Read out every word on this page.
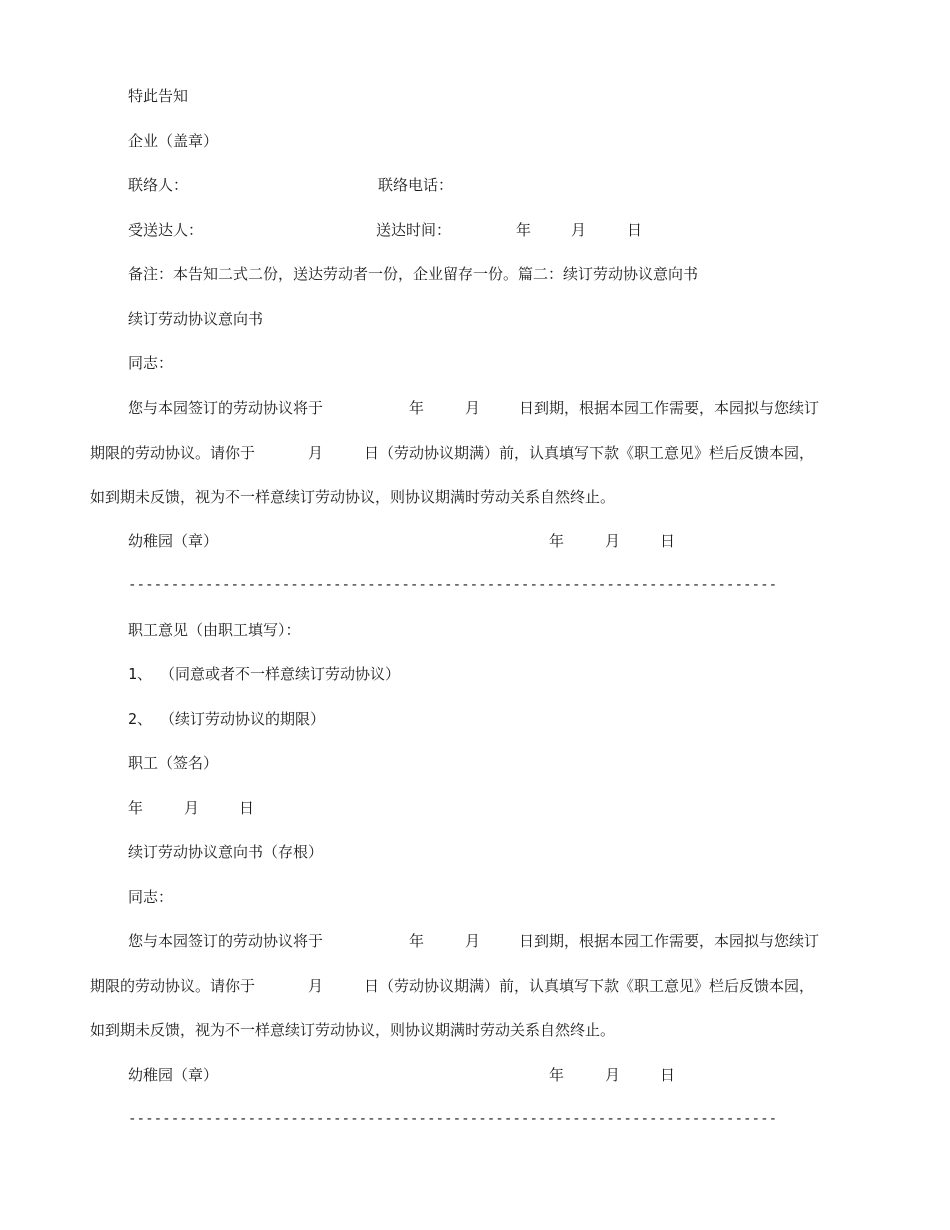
特此告知
企业（盖章）
联络人：	联络电话：
受送达人：	送达时间：	年	月	日
备注：本告知二式二份，送达劳动者一份，企业留存一份。篇二：续订劳动协议意向书
续订劳动协议意向书
同志：
您与本园签订的劳动协议将于	年	月	日到期，根据本园工作需要，本园拟与您续订
期限的劳动协议。请你于	月	日（劳动协议期满）前，认真填写下款《职工意见》栏后反馈本园，
如到期未反馈，视为不一样意续订劳动协议，则协议期满时劳动关系自然终止。
幼稚园（章）	年	月	日
----------------------------------------------------------------------------
职工意见（由职工填写）：
1、 （同意或者不一样意续订劳动协议）
2、 （续订劳动协议的期限）
职工（签名）
年	月	日
续订劳动协议意向书（存根）
同志：
您与本园签订的劳动协议将于	年	月	日到期，根据本园工作需要，本园拟与您续订
期限的劳动协议。请你于	月	日（劳动协议期满）前，认真填写下款《职工意见》栏后反馈本园，
如到期未反馈，视为不一样意续订劳动协议，则协议期满时劳动关系自然终止。
幼稚园（章）	年	月	日
----------------------------------------------------------------------------
